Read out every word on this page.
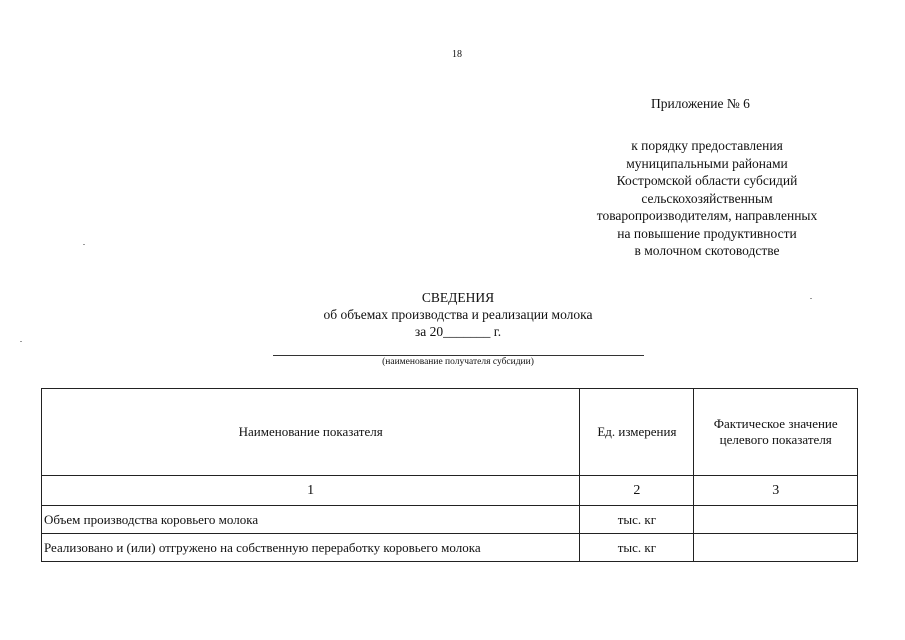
18
Приложение № 6
к порядку предоставления
муниципальными районами
Костромской области субсидий
сельскохозяйственным
товаропроизводителям, направленных
на повышение продуктивности
в молочном скотоводстве
СВЕДЕНИЯ
об объемах производства и реализации молока
за 20_______ г.
(наименование получателя субсидии)
Наименование показателя	Ед. измерения	Фактическое значение целевого показателя
1	2	3
Объем производства коровьего молока	тыс. кг	
Реализовано и (или) отгружено на собственную переработку коровьего молока	тыс. кг	
